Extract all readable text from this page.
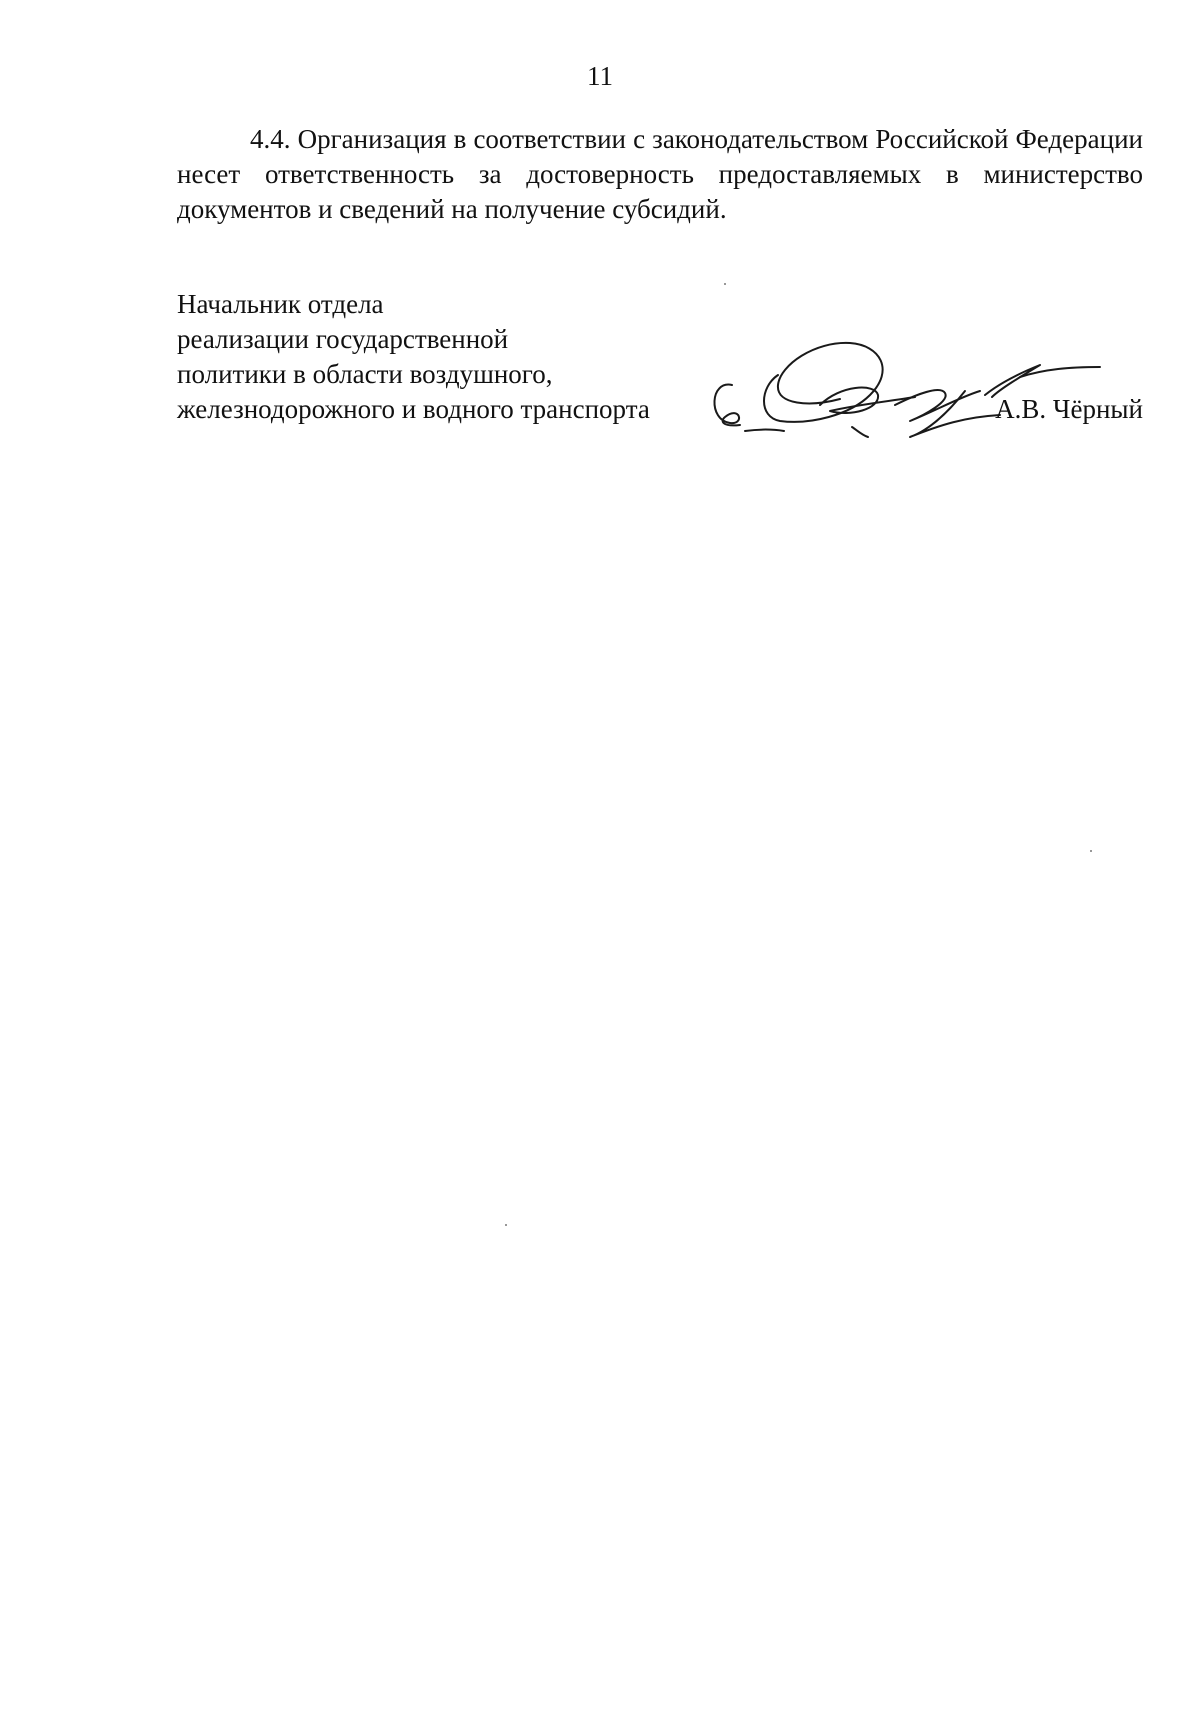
11

4.4. Организация в соответствии с законодательством Российской Федерации несет ответственность за достоверность предоставляемых в министерство документов и сведений на получение субсидий.

Начальник отдела
реализации государственной
политики в области воздушного,
железнодорожного и водного транспорта	А.В. Чёрный
